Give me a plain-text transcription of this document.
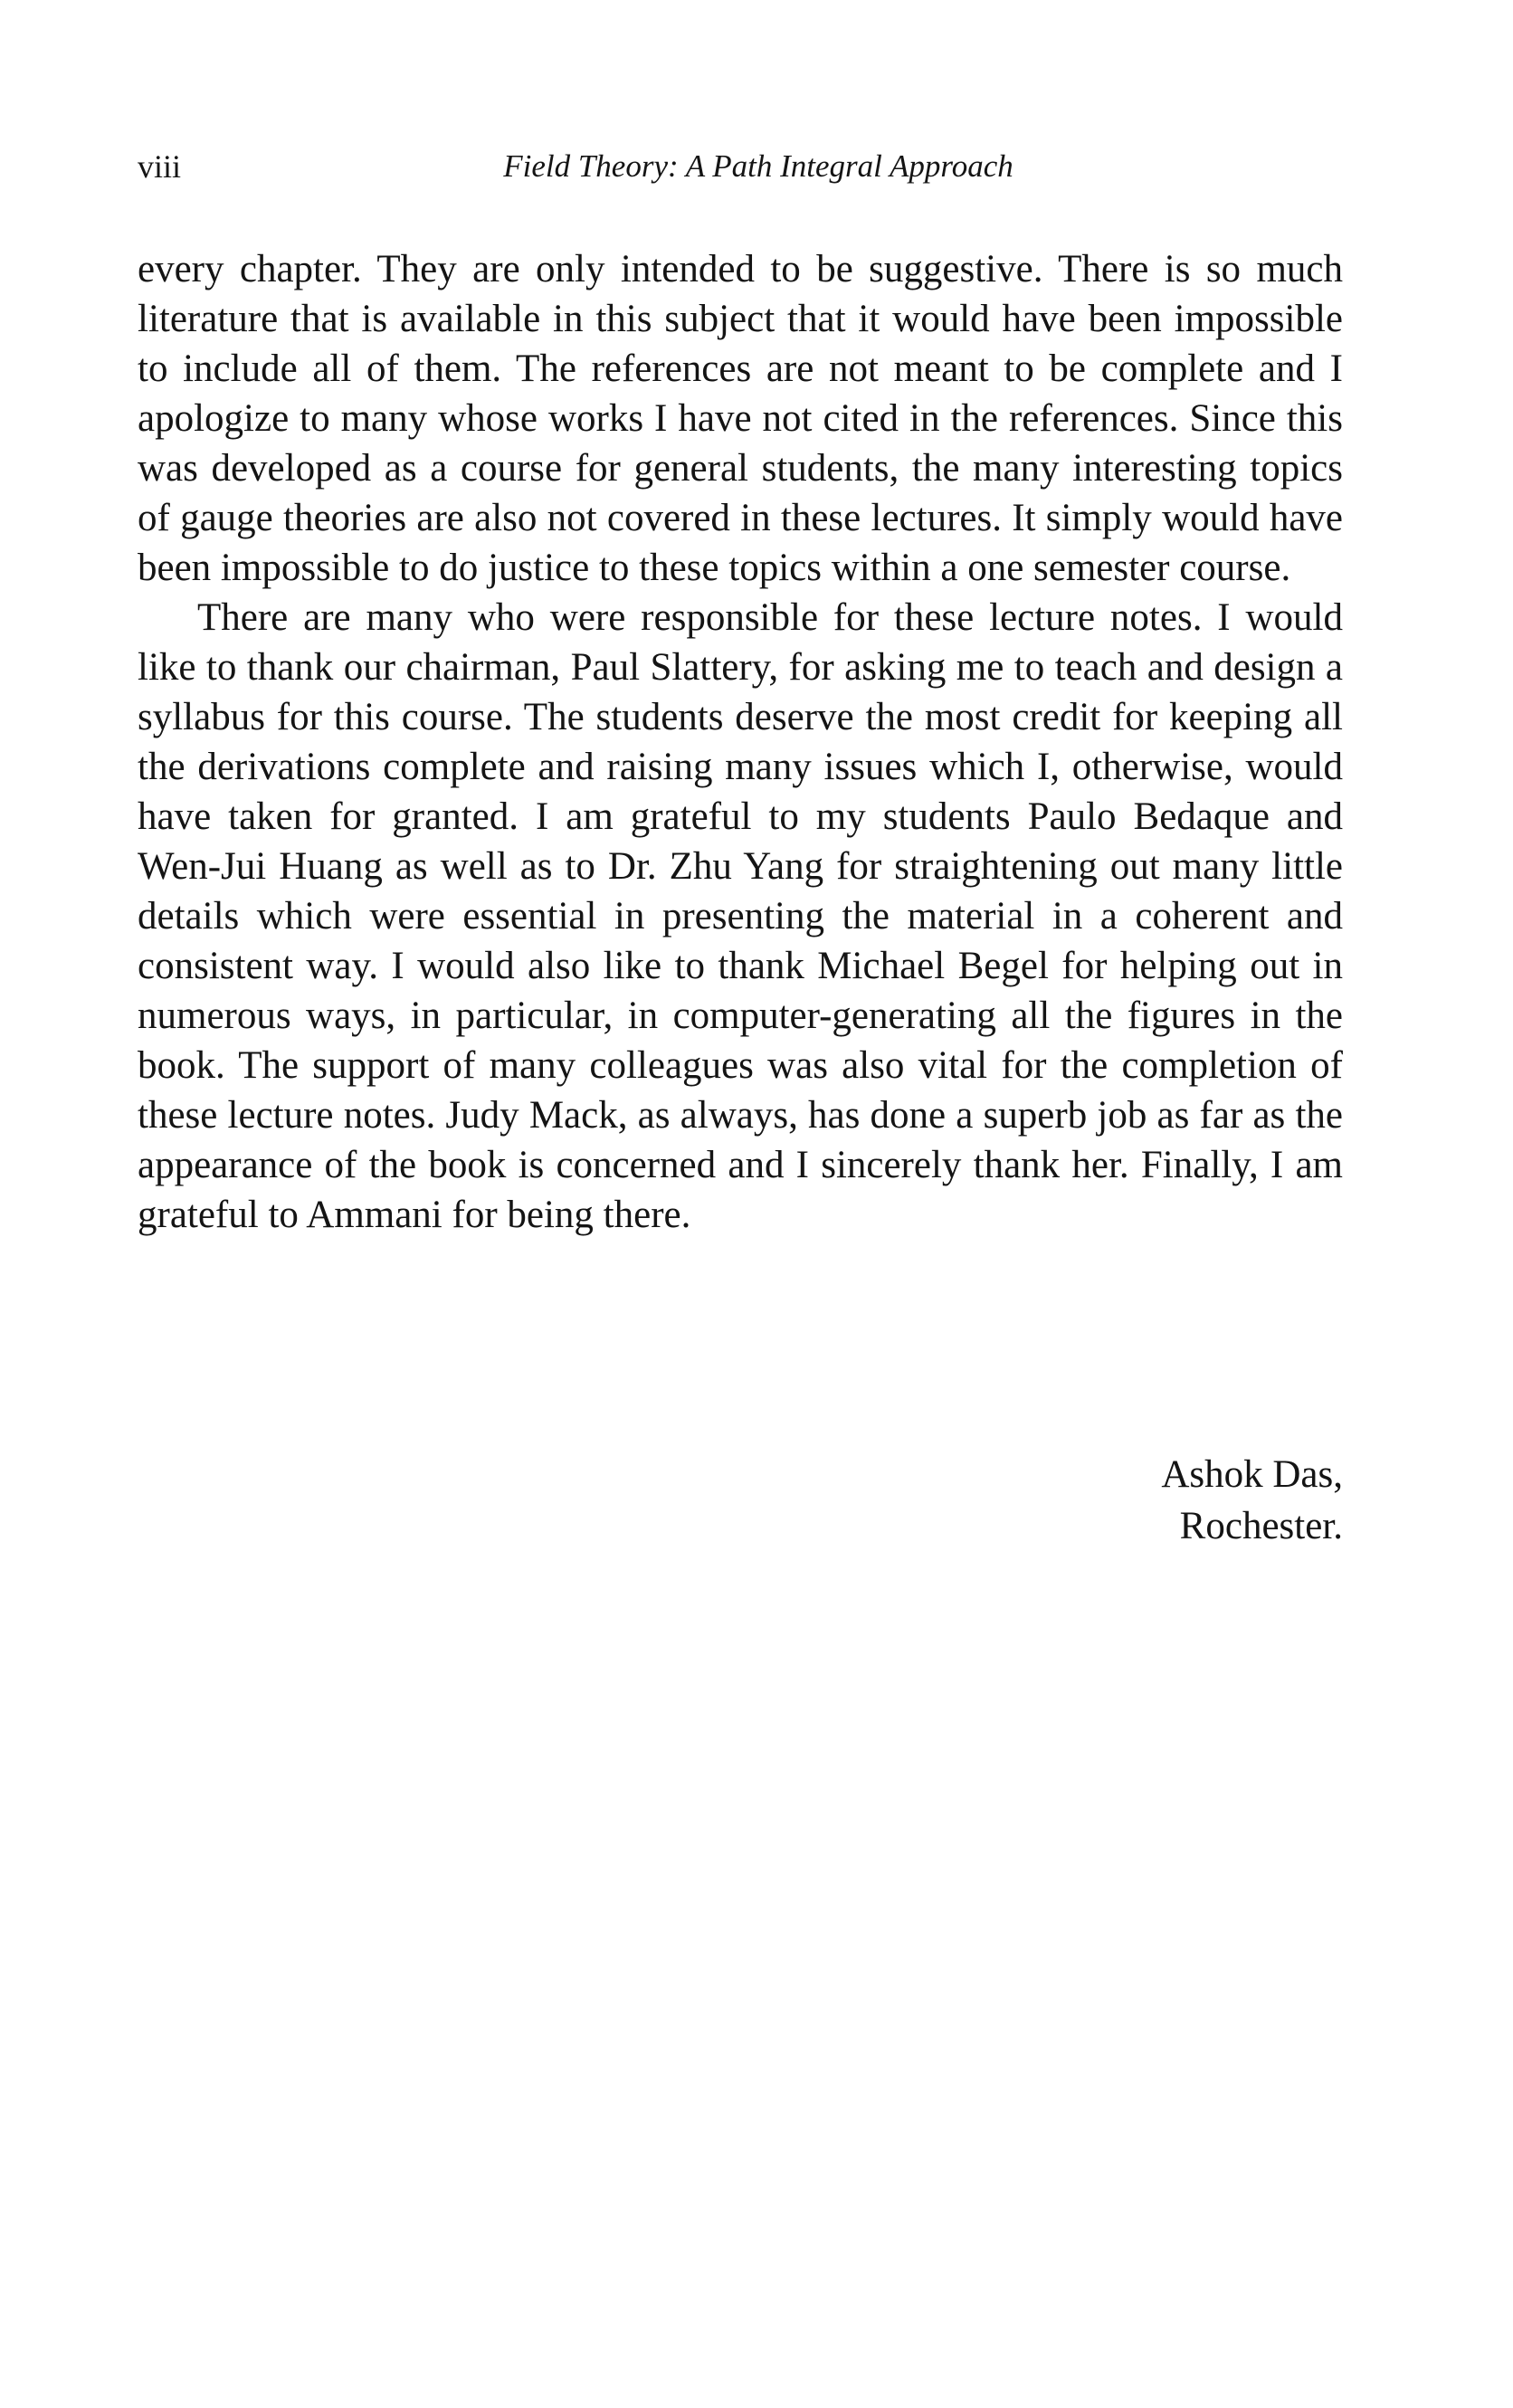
viii	Field Theory: A Path Integral Approach

every chapter. They are only intended to be suggestive. There is so much literature that is available in this subject that it would have been impossible to include all of them. The references are not meant to be complete and I apologize to many whose works I have not cited in the references. Since this was developed as a course for general students, the many interesting topics of gauge theories are also not covered in these lectures. It simply would have been impossible to do justice to these topics within a one semester course.

There are many who were responsible for these lecture notes. I would like to thank our chairman, Paul Slattery, for asking me to teach and design a syllabus for this course. The students deserve the most credit for keeping all the derivations complete and raising many issues which I, otherwise, would have taken for granted. I am grateful to my students Paulo Bedaque and Wen-Jui Huang as well as to Dr. Zhu Yang for straightening out many little details which were essential in presenting the material in a coherent and consistent way. I would also like to thank Michael Begel for helping out in numerous ways, in particular, in computer-generating all the figures in the book. The support of many colleagues was also vital for the completion of these lecture notes. Judy Mack, as always, has done a superb job as far as the appearance of the book is concerned and I sincerely thank her. Finally, I am grateful to Ammani for being there.

Ashok Das,
Rochester.
